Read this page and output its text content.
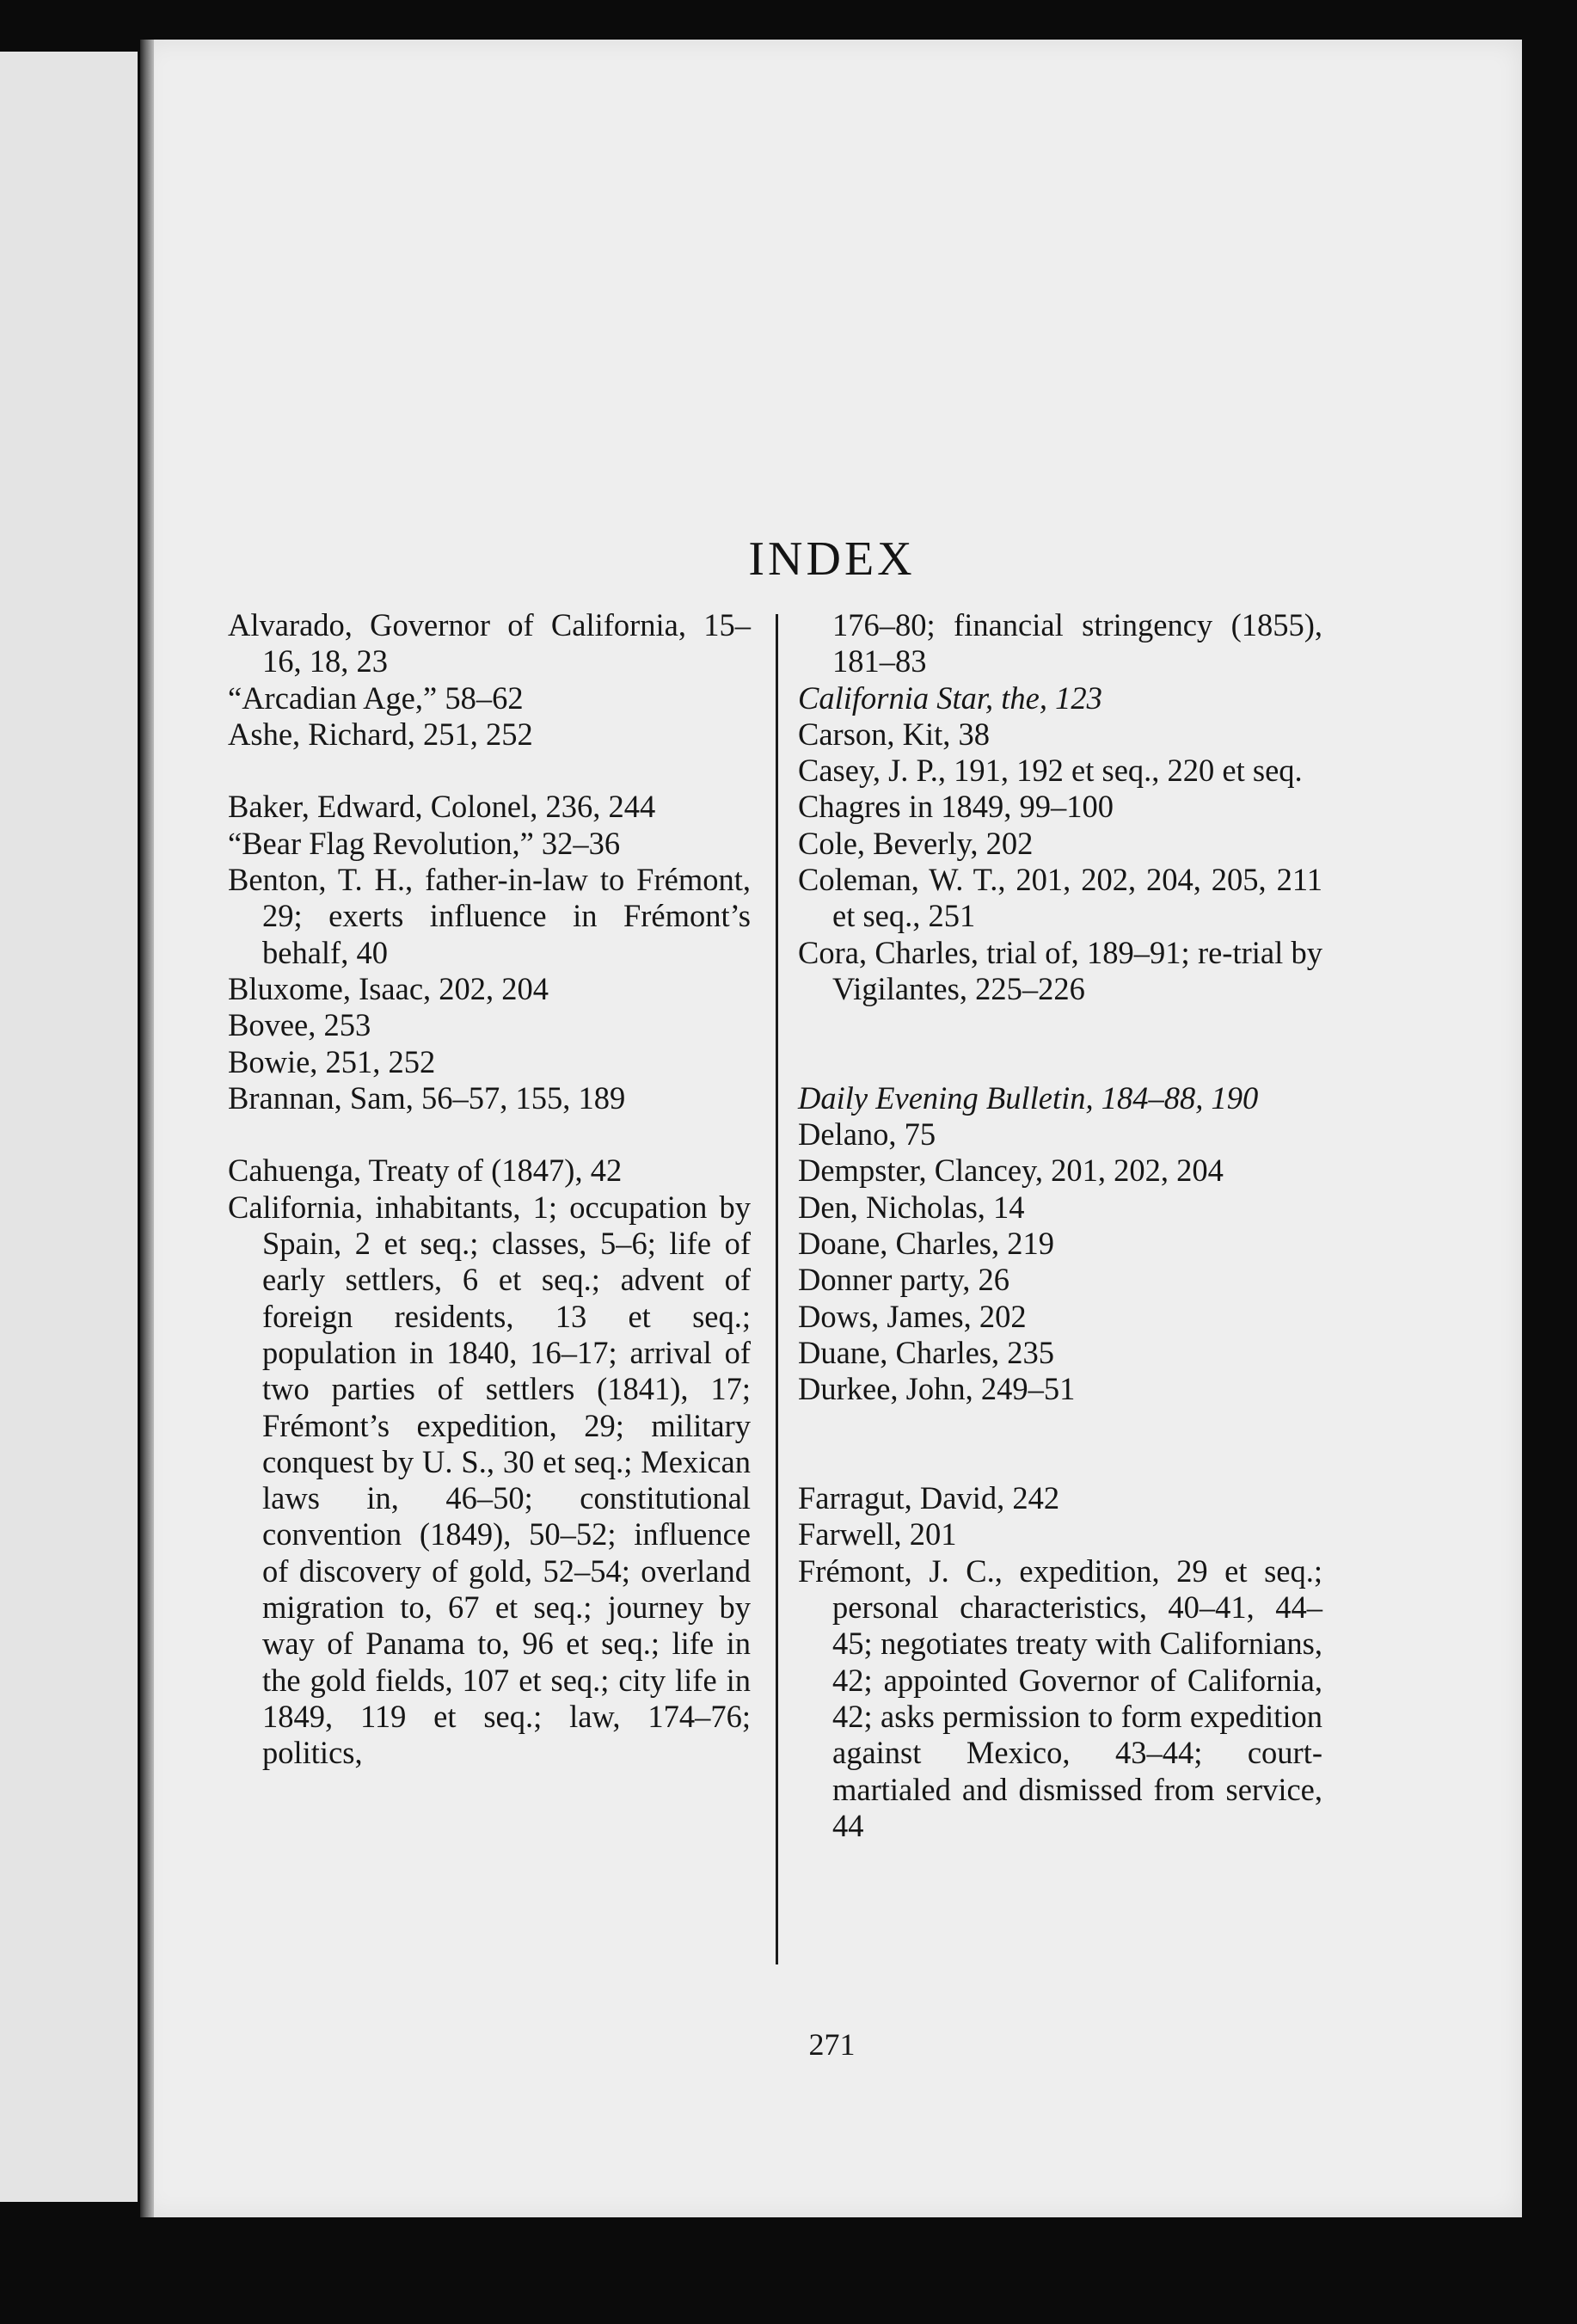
INDEX
271
Alvarado, Governor of California, 15–16, 18, 23
“Arcadian Age,” 58–62
Ashe, Richard, 251, 252
Baker, Edward, Colonel, 236, 244
“Bear Flag Revolution,” 32–36
Benton, T. H., father-in-law to Frémont, 29; exerts influence in Frémont’s behalf, 40
Bluxome, Isaac, 202, 204
Bovee, 253
Bowie, 251, 252
Brannan, Sam, 56–57, 155, 189
Cahuenga, Treaty of (1847), 42
California, inhabitants, 1; occupation by Spain, 2 et seq.; classes, 5–6; life of early settlers, 6 et seq.; advent of foreign residents, 13 et seq.; population in 1840, 16–17; arrival of two parties of settlers (1841), 17; Frémont’s expedition, 29; military conquest by U. S., 30 et seq.; Mexican laws in, 46–50; constitutional convention (1849), 50–52; influence of discovery of gold, 52–54; overland migration to, 67 et seq.; journey by way of Panama to, 96 et seq.; life in the gold fields, 107 et seq.; city life in 1849, 119 et seq.; law, 174–76; politics,
176–80; financial stringency (1855), 181–83
California Star, the, 123
Carson, Kit, 38
Casey, J. P., 191, 192 et seq., 220 et seq.
Chagres in 1849, 99–100
Cole, Beverly, 202
Coleman, W. T., 201, 202, 204, 205, 211 et seq., 251
Cora, Charles, trial of, 189–91; re-trial by Vigilantes, 225–226
Daily Evening Bulletin, 184–88, 190
Delano, 75
Dempster, Clancey, 201, 202, 204
Den, Nicholas, 14
Doane, Charles, 219
Donner party, 26
Dows, James, 202
Duane, Charles, 235
Durkee, John, 249–51
Farragut, David, 242
Farwell, 201
Frémont, J. C., expedition, 29 et seq.; personal characteristics, 40–41, 44–45; negotiates treaty with Californians, 42; appointed Governor of California, 42; asks permission to form expedition against Mexico, 43–44; court-martialed and dismissed from service, 44
